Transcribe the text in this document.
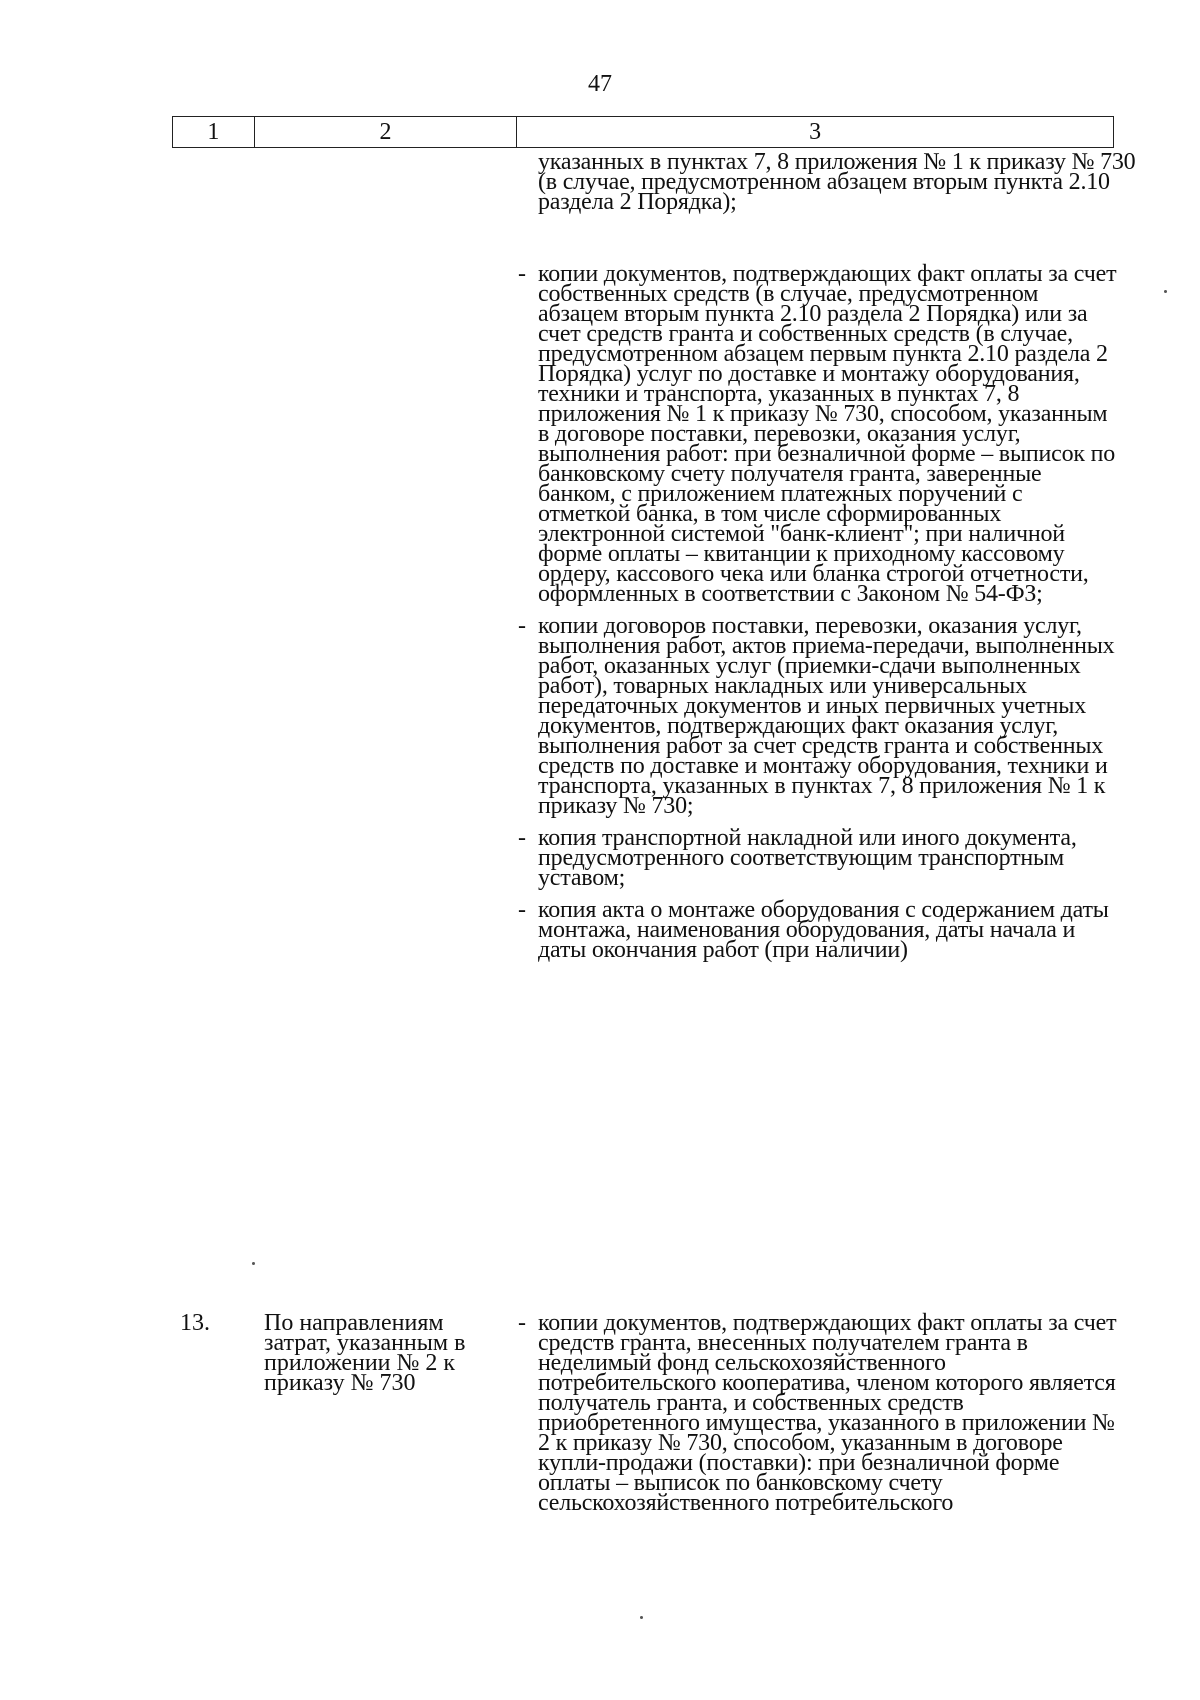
47
1	2	3
указанных в пунктах 7, 8 приложения № 1 к приказу № 730 (в случае, предусмотренном абзацем вторым пункта 2.10 раздела 2 Порядка);
- копии документов, подтверждающих факт оплаты за счет собственных средств (в случае, предусмотренном абзацем вторым пункта 2.10 раздела 2 Порядка) или за счет средств гранта и собственных средств (в случае, предусмотренном абзацем первым пункта 2.10 раздела 2 Порядка) услуг по доставке и монтажу оборудования, техники и транспорта, указанных в пунктах 7, 8 приложения № 1 к приказу № 730, способом, указанным в договоре поставки, перевозки, оказания услуг, выполнения работ: при безналичной форме – выписок по банковскому счету получателя гранта, заверенные банком, с приложением платежных поручений с отметкой банка, в том числе сформированных электронной системой "банк-клиент"; при наличной форме оплаты – квитанции к приходному кассовому ордеру, кассового чека или бланка строгой отчетности, оформленных в соответствии с Законом № 54-ФЗ;
- копии договоров поставки, перевозки, оказания услуг, выполнения работ, актов приема-передачи, выполненных работ, оказанных услуг (приемки-сдачи выполненных работ), товарных накладных или универсальных передаточных документов и иных первичных учетных документов, подтверждающих факт оказания услуг, выполнения работ за счет средств гранта и собственных средств по доставке и монтажу оборудования, техники и транспорта, указанных в пунктах 7, 8 приложения № 1 к приказу № 730;
- копия транспортной накладной или иного документа, предусмотренного соответствующим транспортным уставом;
- копия акта о монтаже оборудования с содержанием даты монтажа, наименования оборудования, даты начала и даты окончания работ (при наличии)
13. По направлениям затрат, указанным в приложении № 2 к приказу № 730
- копии документов, подтверждающих факт оплаты за счет средств гранта, внесенных получателем гранта в неделимый фонд сельскохозяйственного потребительского кооператива, членом которого является получатель гранта, и собственных средств приобретенного имущества, указанного в приложении № 2 к приказу № 730, способом, указанным в договоре купли-продажи (поставки): при безналичной форме оплаты – выписок по банковскому счету сельскохозяйственного потребительского
